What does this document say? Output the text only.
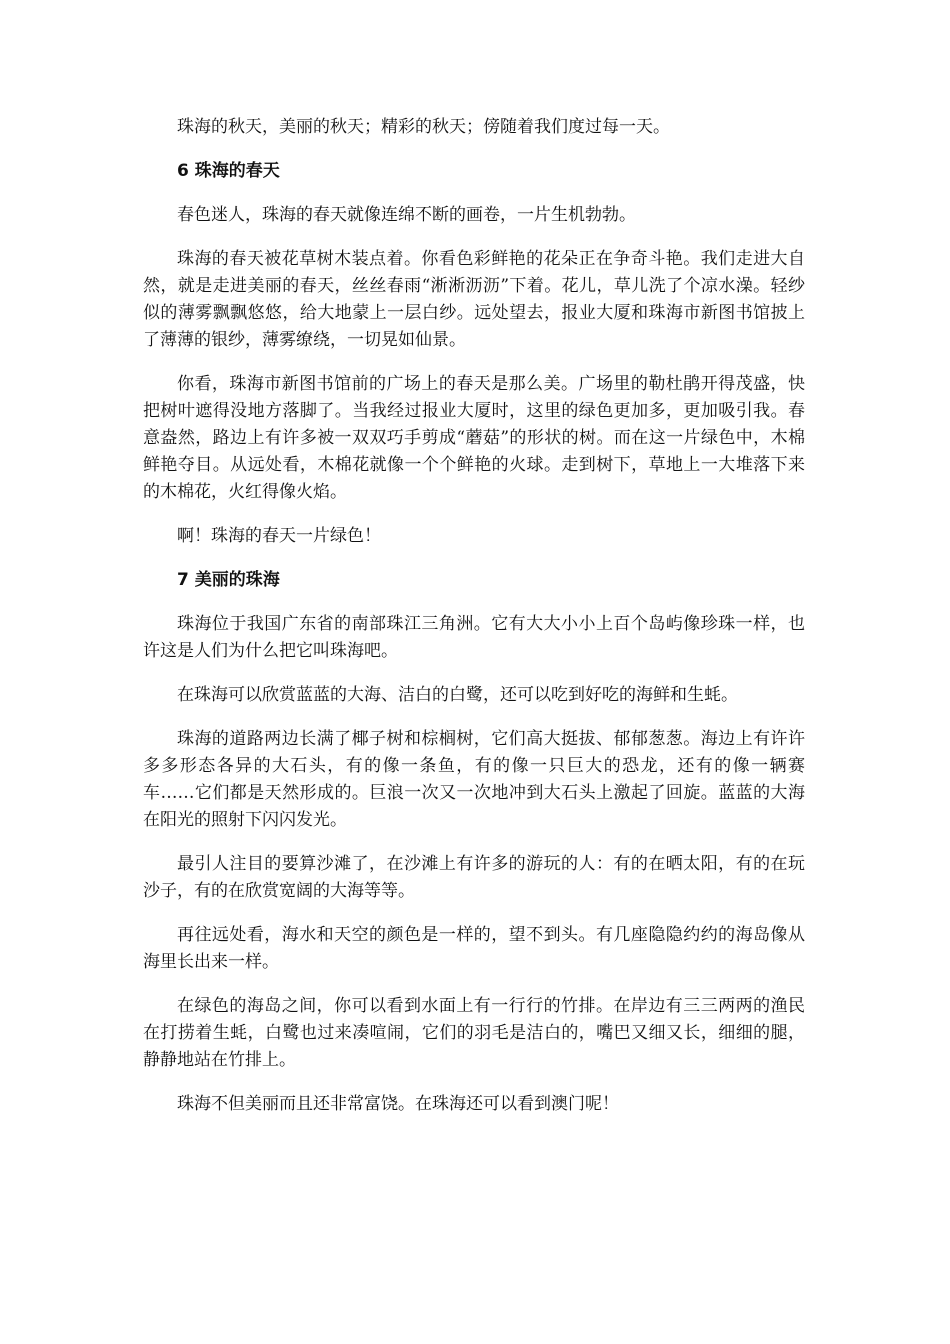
珠海的秋天，美丽的秋天；精彩的秋天；傍随着我们度过每一天。

6 珠海的春天

春色迷人，珠海的春天就像连绵不断的画卷，一片生机勃勃。

珠海的春天被花草树木装点着。你看色彩鲜艳的花朵正在争奇斗艳。我们走进大自然，就是走进美丽的春天，丝丝春雨“淅淅沥沥”下着。花儿，草儿洗了个凉水澡。轻纱似的薄雾飘飘悠悠，给大地蒙上一层白纱。远处望去，报业大厦和珠海市新图书馆披上了薄薄的银纱，薄雾缭绕，一切晃如仙景。

你看，珠海市新图书馆前的广场上的春天是那么美。广场里的勒杜鹃开得茂盛，快把树叶遮得没地方落脚了。当我经过报业大厦时，这里的绿色更加多，更加吸引我。春意盎然，路边上有许多被一双双巧手剪成“蘑菇”的形状的树。而在这一片绿色中，木棉鲜艳夺目。从远处看，木棉花就像一个个鲜艳的火球。走到树下，草地上一大堆落下来的木棉花，火红得像火焰。

啊！珠海的春天一片绿色！

7 美丽的珠海

珠海位于我国广东省的南部珠江三角洲。它有大大小小上百个岛屿像珍珠一样，也许这是人们为什么把它叫珠海吧。

在珠海可以欣赏蓝蓝的大海、洁白的白鹭，还可以吃到好吃的海鲜和生蚝。

珠海的道路两边长满了椰子树和棕榈树，它们高大挺拔、郁郁葱葱。海边上有许许多多形态各异的大石头，有的像一条鱼，有的像一只巨大的恐龙，还有的像一辆赛车……它们都是天然形成的。巨浪一次又一次地冲到大石头上激起了回旋。蓝蓝的大海在阳光的照射下闪闪发光。

最引人注目的要算沙滩了，在沙滩上有许多的游玩的人：有的在晒太阳，有的在玩沙子，有的在欣赏宽阔的大海等等。

再往远处看，海水和天空的颜色是一样的，望不到头。有几座隐隐约约的海岛像从海里长出来一样。

在绿色的海岛之间，你可以看到水面上有一行行的竹排。在岸边有三三两两的渔民在打捞着生蚝，白鹭也过来凑喧闹，它们的羽毛是洁白的，嘴巴又细又长，细细的腿，静静地站在竹排上。

珠海不但美丽而且还非常富饶。在珠海还可以看到澳门呢！
